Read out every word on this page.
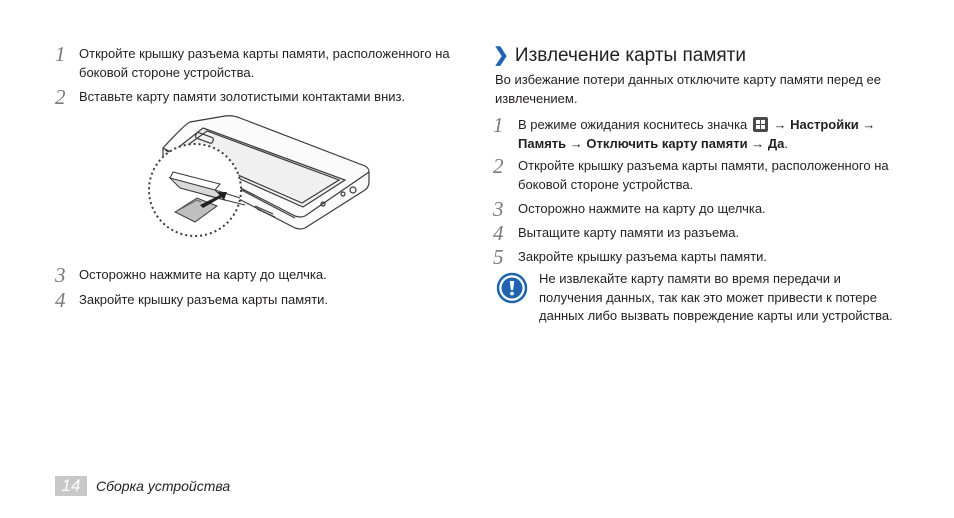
1 Откройте крышку разъема карты памяти, расположенного на боковой стороне устройства.
2 Вставьте карту памяти золотистыми контактами вниз.
3 Осторожно нажмите на карту до щелчка.
4 Закройте крышку разъема карты памяти.
❯ Извлечение карты памяти
Во избежание потери данных отключите карту памяти перед ее извлечением.
1 В режиме ожидания коснитесь значка
→ Настройки →
Память → Отключить карту памяти → Да.
2 Откройте крышку разъема карты памяти, расположенного на боковой стороне устройства.
3 Осторожно нажмите на карту до щелчка.
4 Вытащите карту памяти из разъема.
5 Закройте крышку разъема карты памяти.
Не извлекайте карту памяти во время передачи и получения данных, так как это может привести к потере данных либо вызвать повреждение карты или устройства.
14	Сборка устройства
